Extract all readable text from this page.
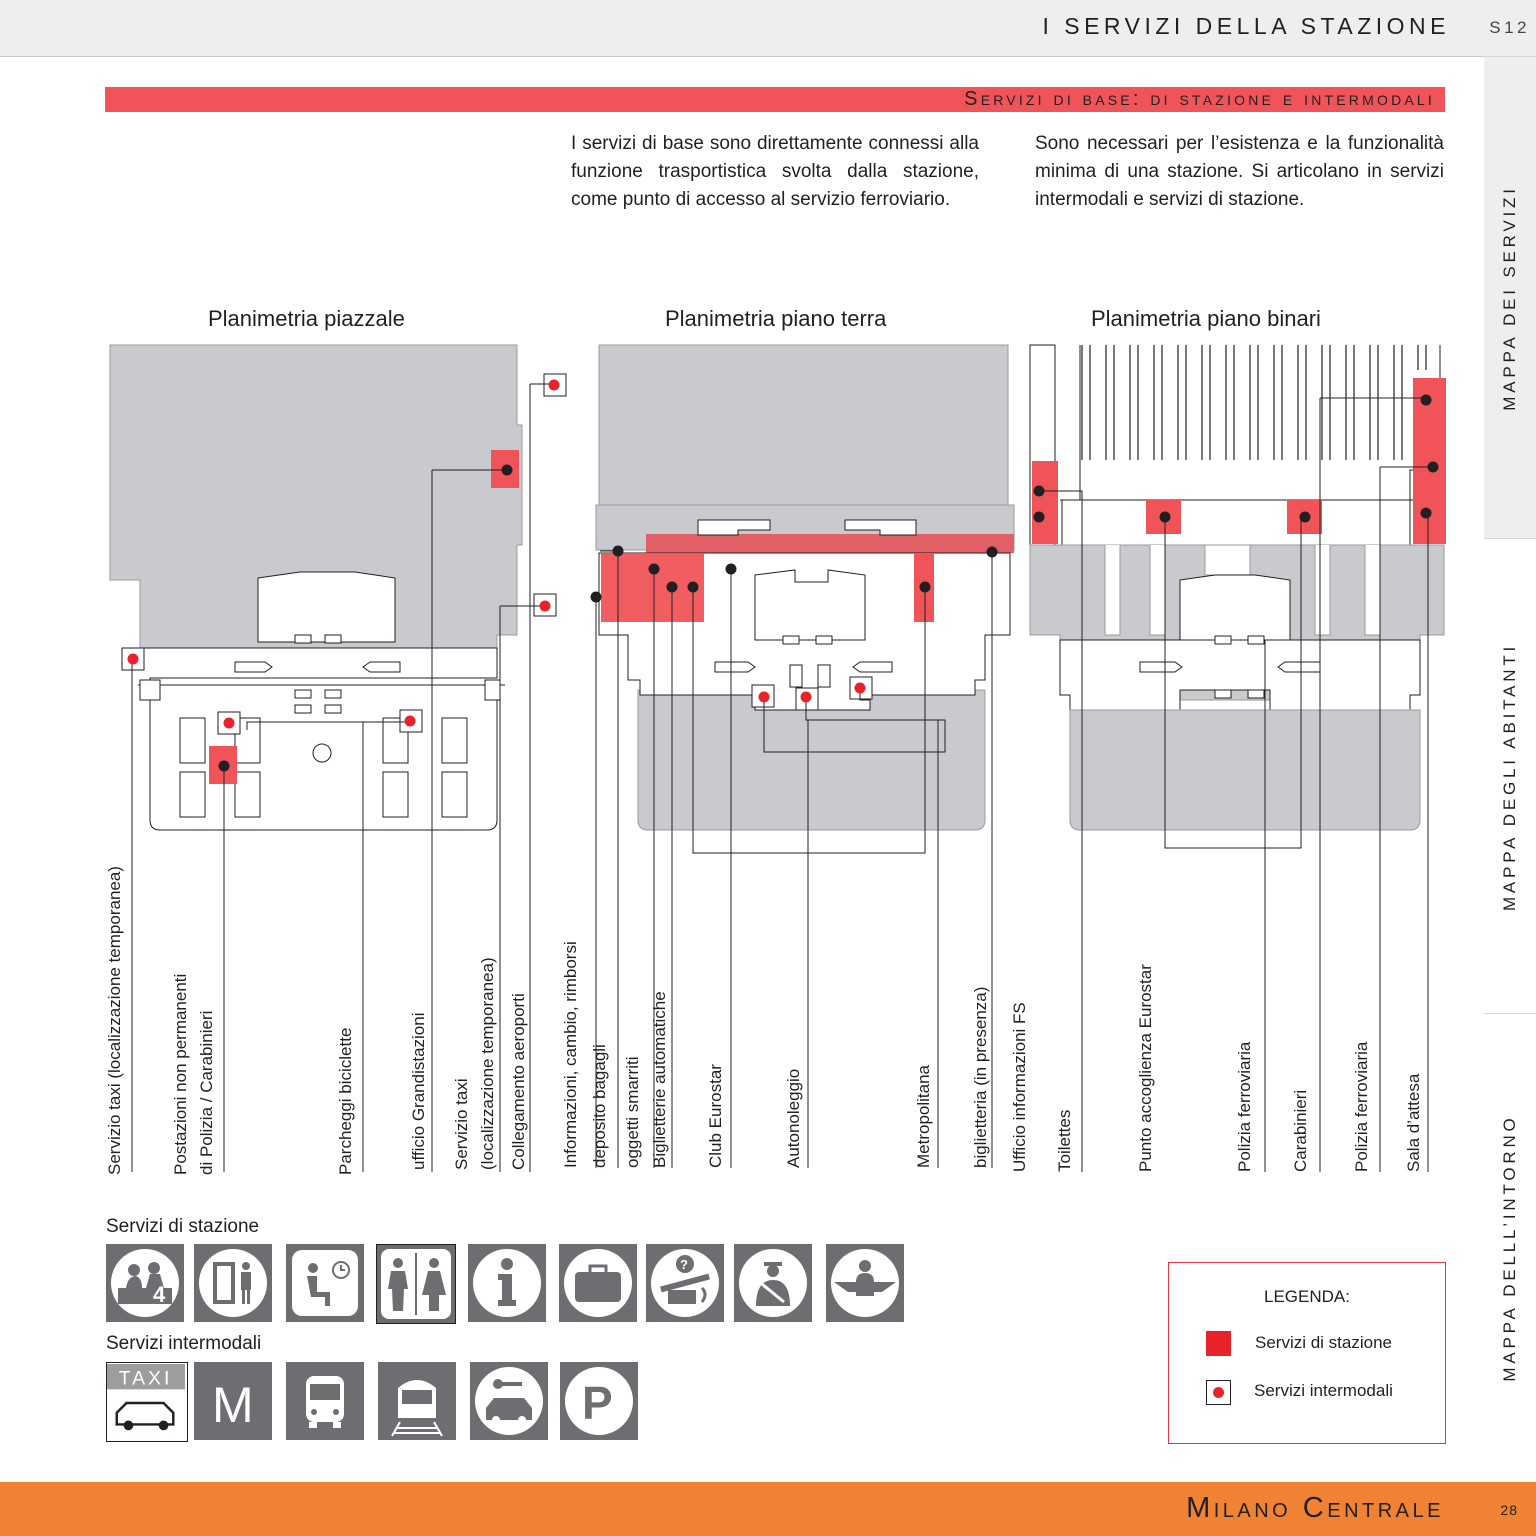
I SERVIZI DELLA STAZIONE S12
MAPPA DEI SERVIZI
MAPPA DEGLI ABITANTI
MAPPA DELLL’INTORNO
Servizi di base: di stazione e intermodali
I servizi di base sono direttamente connessi alla funzione trasportistica svolta dalla stazione, come punto di accesso al servizio ferroviario.
Sono necessari per l’esistenza e la funzionalità minima di una stazione. Si articolano in servizi intermodali e servizi di stazione.
Planimetria piazzale	Planimetria piano terra	Planimetria piano binari
Servizio taxi (localizzazione temporanea)	Postazioni non permanenti di Polizia / Carabinieri	Parcheggi biciclette	ufficio Grandistazioni Servizio taxi (localizzazione temporanea) Collegamento aeroporti Informazioni, cambio, rimborsi deposito bagagli oggetti smarriti Biglietterie automatiche Club Eurostar	Autonoleggio	Metropolitana biglietteria (in presenza) Ufficio informazioni FS Toilettes	Punto accoglienza Eurostar	Polizia ferroviaria Carabinieri Polizia ferroviaria Sala d’attesa
Servizi di stazione
Servizi intermodali
4
?
TAXI M	P
LEGENDA:
Servizi di stazione
Servizi intermodali
Milano Centrale	28
